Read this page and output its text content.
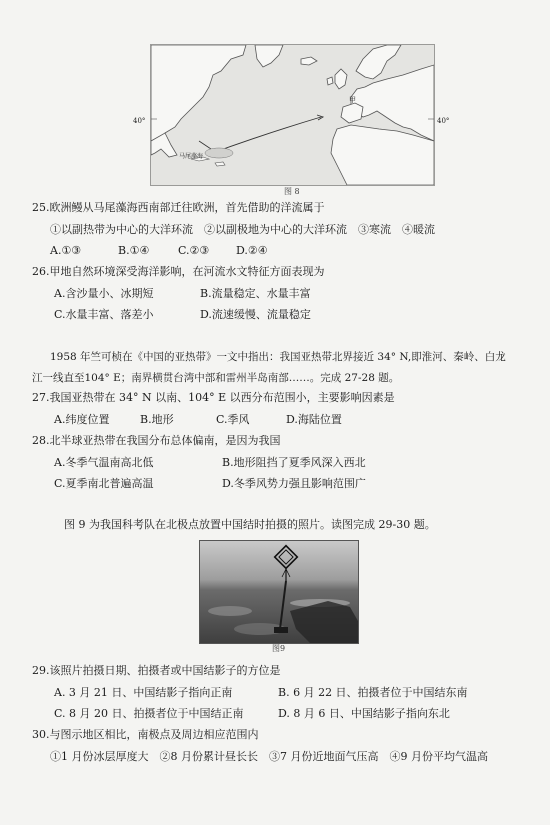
40°	40°
马尾藻海
甲
图 8
25.欧洲鳗从马尾藻海西南部迁往欧洲，首先借助的洋流属于
①以副热带为中心的大洋环流　②以副极地为中心的大洋环流　③寒流　④暖流
A.①③	B.①④	C.②③ D.②④
26.甲地自然环境深受海洋影响，在河流水文特征方面表现为
A.含沙量小、冰期短	B.流量稳定、水量丰富
C.水量丰富、落差小	D.流速缓慢、流量稳定
1958 年竺可桢在《中国的亚热带》一文中指出：我国亚热带北界接近 34° N,即淮河、秦岭、白龙
江一线直至104° E；南界横贯台湾中部和雷州半岛南部……。完成 27-28 题。
27.我国亚热带在 34° N 以南、104° E 以西分布范围小，主要影响因素是
A.纬度位置	B.地形	C.季风	D.海陆位置
28.北半球亚热带在我国分布总体偏南，是因为我国
A.冬季气温南高北低	B.地形阻挡了夏季风深入西北
C.夏季南北普遍高温	D.冬季风势力强且影响范围广
图 9 为我国科考队在北极点放置中国结时拍摄的照片。读图完成 29-30 题。
图9
29.该照片拍摄日期、拍摄者或中国结影子的方位是
A. 3 月 21 日、中国结影子指向正南	B. 6 月 22 日、拍摄者位于中国结东南
C. 8 月 20 日、拍摄者位于中国结正南	D. 8 月 6 日、中国结影子指向东北
30.与图示地区相比，南极点及周边相应范围内
①1 月份冰层厚度大　②8 月份累计昼长长　③7 月份近地面气压高　④9 月份平均气温高
